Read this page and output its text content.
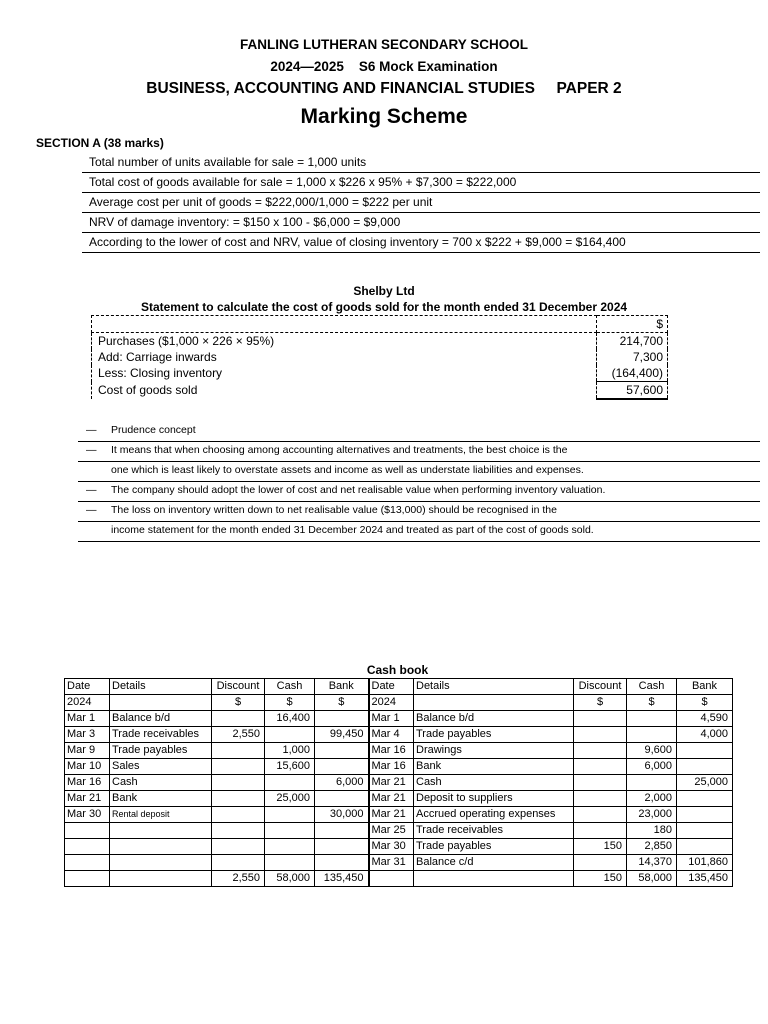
FANLING LUTHERAN SECONDARY SCHOOL
2024—2025    S6 Mock Examination
BUSINESS, ACCOUNTING AND FINANCIAL STUDIES     PAPER 2
Marking Scheme
SECTION A (38 marks)
Total number of units available for sale = 1,000 units
Total cost of goods available for sale = 1,000 x $226 x 95% + $7,300 = $222,000
Average cost per unit of goods = $222,000/1,000 = $222 per unit
NRV of damage inventory: = $150 x 100 - $6,000 = $9,000
According to the lower of cost and NRV, value of closing inventory = 700 x $222 + $9,000 = $164,400
Shelby Ltd
Statement to calculate the cost of goods sold for the month ended 31 December 2024
	$
Purchases ($1,000 × 226 × 95%)	214,700
Add: Carriage inwards	7,300
Less: Closing inventory	(164,400)
Cost of goods sold	57,600
— Prudence concept
— It means that when choosing among accounting alternatives and treatments, the best choice is the
one which is least likely to overstate assets and income as well as understate liabilities and expenses.
— The company should adopt the lower of cost and net realisable value when performing inventory valuation.
— The loss on inventory written down to net realisable value ($13,000) should be recognised in the
income statement for the month ended 31 December 2024 and treated as part of the cost of goods sold.
Cash book
Date	Details	Discount	Cash	Bank	Date	Details	Discount	Cash	Bank
2024		$	$	$	2024		$	$	$
Mar 1	Balance b/d		16,400		Mar 1	Balance b/d			4,590
Mar 3	Trade receivables	2,550		99,450	Mar 4	Trade payables			4,000
Mar 9	Trade payables		1,000		Mar 16	Drawings		9,600	
Mar 10	Sales		15,600		Mar 16	Bank		6,000	
Mar 16	Cash			6,000	Mar 21	Cash			25,000
Mar 21	Bank		25,000		Mar 21	Deposit to suppliers		2,000	
Mar 30	Rental deposit			30,000	Mar 21	Accrued operating expenses		23,000	
					Mar 25	Trade receivables		180	
					Mar 30	Trade payables	150	2,850	
					Mar 31	Balance c/d		14,370	101,860
		2,550	58,000	135,450			150	58,000	135,450
